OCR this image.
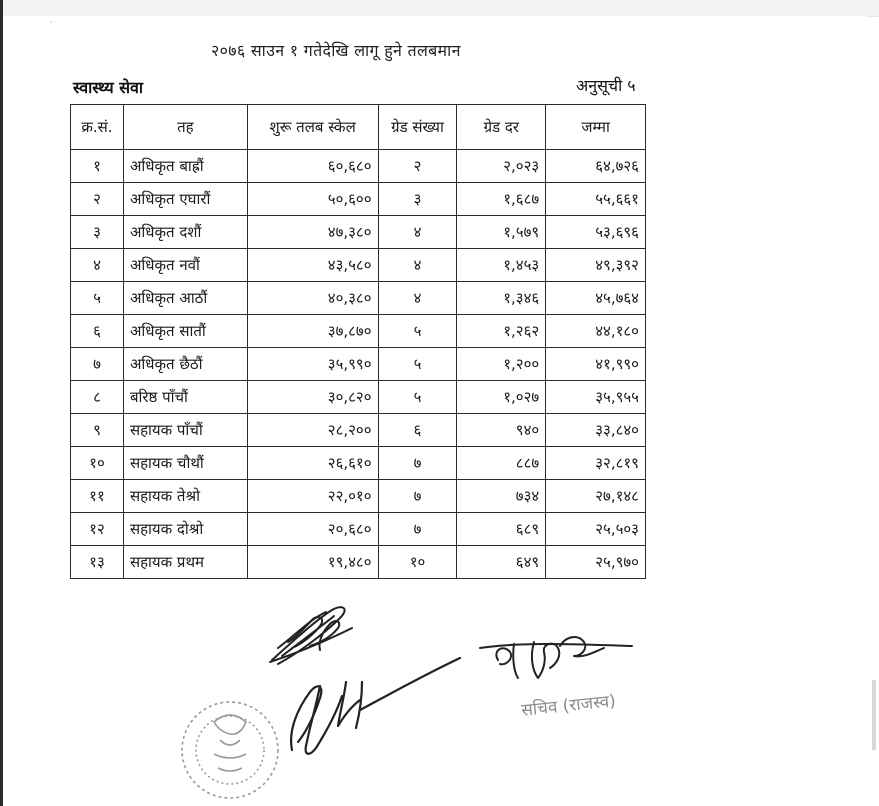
·
२०७६ साउन १ गतेदेखि लागू हुने तलबमान
स्वास्थ्य सेवा	अनुसूची ५
क्र.सं.	तह	शुरू तलब स्केल	ग्रेड संख्या	ग्रेड दर	जम्मा
१	अधिकृत बाह्रौं	६०,६८०	२	२,०२३	६४,७२६
२	अधिकृत एघारौं	५०,६००	३	१,६८७	५५,६६१
३	अधिकृत दशौं	४७,३८०	४	१,५७९	५३,६९६
४	अधिकृत नवौं	४३,५८०	४	१,४५३	४९,३९२
५	अधिकृत आठौं	४०,३८०	४	१,३४६	४५,७६४
६	अधिकृत सातौं	३७,८७०	५	१,२६२	४४,१८०
७	अधिकृत छैठौं	३५,९९०	५	१,२००	४१,९९०
८	बरिष्ठ पाँचौं	३०,८२०	५	१,०२७	३५,९५५
९	सहायक पाँचौं	२८,२००	६	९४०	३३,८४०
१०	सहायक चौथौं	२६,६१०	७	८८७	३२,८१९
११	सहायक तेश्रो	२२,०१०	७	७३४	२७,१४८
१२	सहायक दोश्रो	२०,६८०	७	६८९	२५,५०३
१३	सहायक प्रथम	१९,४८०	१०	६४९	२५,९७०
सचिव (राजस्व)
